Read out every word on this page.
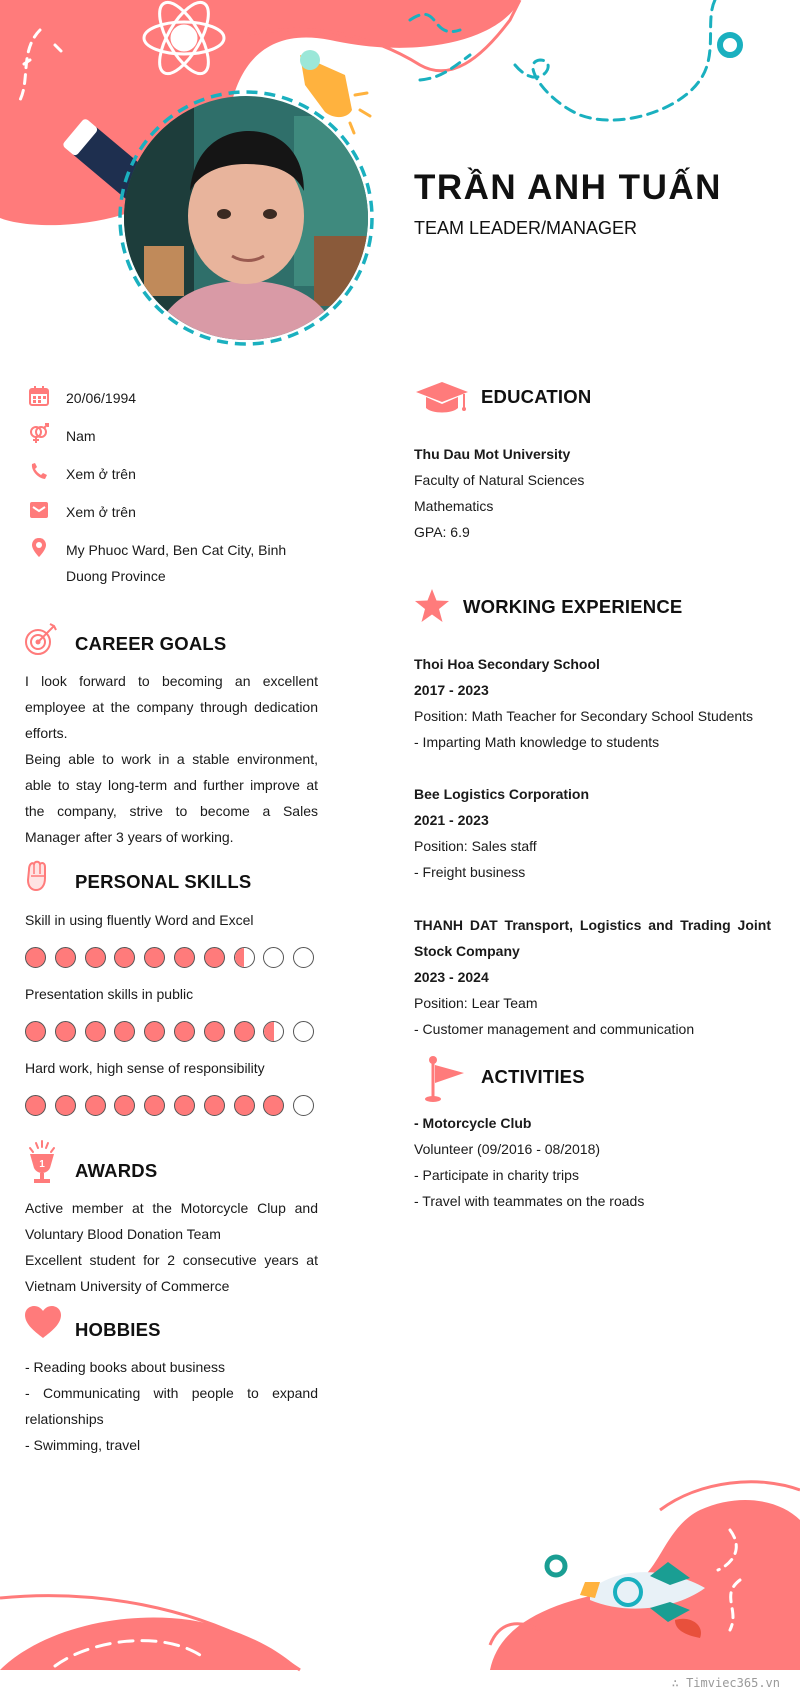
TRẦN ANH TUẤN
TEAM LEADER/MANAGER
20/06/1994
Nam
Xem ở trên
Xem ở trên
My Phuoc Ward, Ben Cat City, Binh
Duong Province
CAREER GOALS
I look forward to becoming an excellent
employee at the company through dedication
efforts.
Being able to work in a stable environment,
able to stay long-term and further improve at
the company, strive to become a Sales
Manager after 3 years of working.
PERSONAL SKILLS
Skill in using fluently Word and Excel
Presentation skills in public
Hard work, high sense of responsibility
1 AWARDS
Active member at the Motorcycle Clup and
Voluntary Blood Donation Team
Excellent student for 2 consecutive years at
Vietnam University of Commerce
HOBBIES
- Reading books about business
- Communicating with people to expand
relationships
- Swimming, travel
EDUCATION
Thu Dau Mot University
Faculty of Natural Sciences
Mathematics
GPA: 6.9
WORKING EXPERIENCE
Thoi Hoa Secondary School
2017 - 2023
Position: Math Teacher for Secondary School Students
- Imparting Math knowledge to students
Bee Logistics Corporation
2021 - 2023
Position: Sales staff
- Freight business
THANH DAT Transport, Logistics and Trading Joint
Stock Company
2023 - 2024
Position: Lear Team
- Customer management and communication
ACTIVITIES
- Motorcycle Club
Volunteer (09/2016 - 08/2018)
- Participate in charity trips
- Travel with teammates on the roads
∴ Timviec365.vn
